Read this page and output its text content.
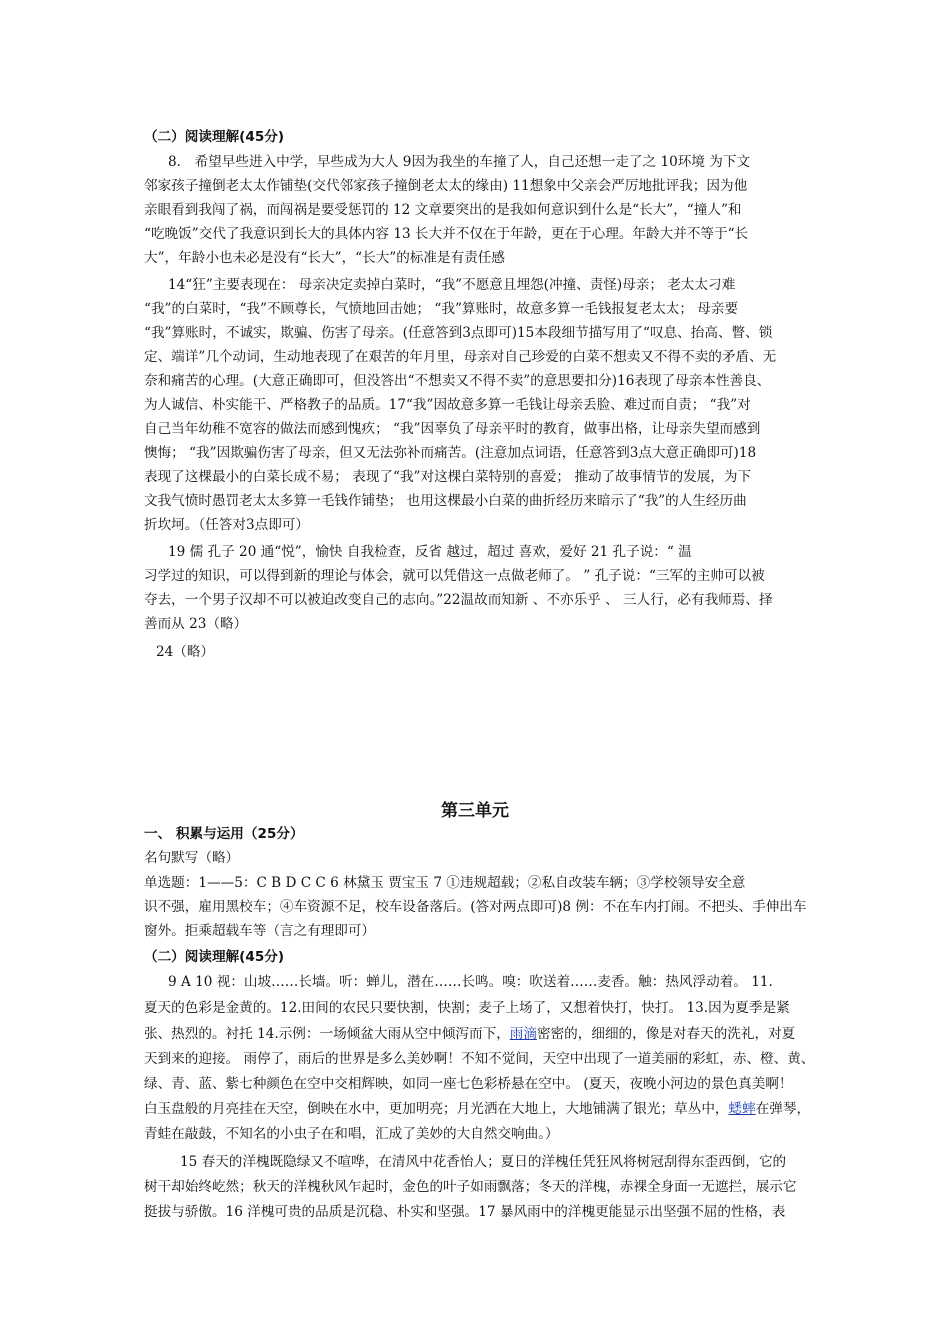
（二）阅读理解(45分)
8． 希望早些进入中学，早些成为大人 9因为我坐的车撞了人，自己还想一走了之 10环境 为下文
邻家孩子撞倒老太太作铺垫(交代邻家孩子撞倒老太太的缘由) 11想象中父亲会严厉地批评我；因为他
亲眼看到我闯了祸，而闯祸是要受惩罚的 12 文章要突出的是我如何意识到什么是“长大”，“撞人”和
“吃晚饭”交代了我意识到长大的具体内容 13 长大并不仅在于年龄，更在于心理。年龄大并不等于“长
大”，年龄小也未必是没有“长大”，“长大”的标准是有责任感
14“狂”主要表现在： 母亲决定卖掉白菜时，“我”不愿意且埋怨(冲撞、责怪)母亲； 老太太刁难
“我”的白菜时，“我”不顾尊长，气愤地回击她； “我”算账时，故意多算一毛钱报复老太太； 母亲要
“我”算账时，不诚实，欺骗、伤害了母亲。(任意答到3点即可)15本段细节描写用了“叹息、抬高、瞥、锁
定、端详”几个动词，生动地表现了在艰苦的年月里，母亲对自己珍爱的白菜不想卖又不得不卖的矛盾、无
奈和痛苦的心理。(大意正确即可，但没答出“不想卖又不得不卖”的意思要扣分)16表现了母亲本性善良、
为人诚信、朴实能干、严格教子的品质。17“我”因故意多算一毛钱让母亲丢脸、难过而自责； “我”对
自己当年幼稚不宽容的做法而感到愧疚； “我”因辜负了母亲平时的教育，做事出格，让母亲失望而感到
懊悔； “我”因欺骗伤害了母亲，但又无法弥补而痛苦。(注意加点词语，任意答到3点大意正确即可)18
表现了这棵最小的白菜长成不易； 表现了“我”对这棵白菜特别的喜爱； 推动了故事情节的发展，为下
文我气愤时愚罚老太太多算一毛钱作铺垫； 也用这棵最小白菜的曲折经历来暗示了“我”的人生经历曲
折坎坷。（任答对3点即可）
19 儒 孔子 20 通“悦”，愉快 自我检查，反省 越过，超过 喜欢，爱好 21 孔子说：“ 温
习学过的知识，可以得到新的理论与体会，就可以凭借这一点做老师了。 ” 孔子说：“三军的主帅可以被
夺去，一个男子汉却不可以被迫改变自己的志向。”22温故而知新 、不亦乐乎 、 三人行，必有我师焉、择
善而从 23（略）
24（略）
第三单元
一、 积累与运用（25分）
名句默写（略）
单选题：1——5：C B D C C 6 林黛玉 贾宝玉 7 ①违规超载；②私自改装车辆；③学校领导安全意
识不强，雇用黑校车；④车资源不足，校车设备落后。(答对两点即可)8 例：不在车内打闹。不把头、手伸出车
窗外。拒乘超载车等（言之有理即可）
（二）阅读理解(45分)
9 A 10 视：山坡……长墙。听：蝉儿，潜在……长鸣。嗅：吹送着……麦香。触：热风浮动着。 11.
夏天的色彩是金黄的。12.田间的农民只要快割，快割；麦子上场了，又想着快打，快打。 13.因为夏季是紧
张、热烈的。衬托 14.示例：一场倾盆大雨从空中倾泻而下，雨滴密密的，细细的，像是对春天的洗礼，对夏
天到来的迎接。 雨停了，雨后的世界是多么美妙啊！不知不觉间，天空中出现了一道美丽的彩虹，赤、橙、黄、
绿、青、蓝、紫七种颜色在空中交相辉映，如同一座七色彩桥悬在空中。 (夏天，夜晚小河边的景色真美啊！
白玉盘般的月亮挂在天空，倒映在水中，更加明亮；月光洒在大地上，大地铺满了银光；草丛中，蟋蟀在弹琴，
青蛙在敲鼓，不知名的小虫子在和唱，汇成了美妙的大自然交响曲。）
15 春天的洋槐既隐绿又不喧哗，在清风中花香怡人；夏日的洋槐任凭狂风将树冠刮得东歪西倒，它的
树干却始终屹然；秋天的洋槐秋风乍起时，金色的叶子如雨飘落；冬天的洋槐，赤裸全身面一无遮拦，展示它
挺拔与骄傲。16 洋槐可贵的品质是沉稳、朴实和坚强。17 暴风雨中的洋槐更能显示出坚强不屈的性格，表
